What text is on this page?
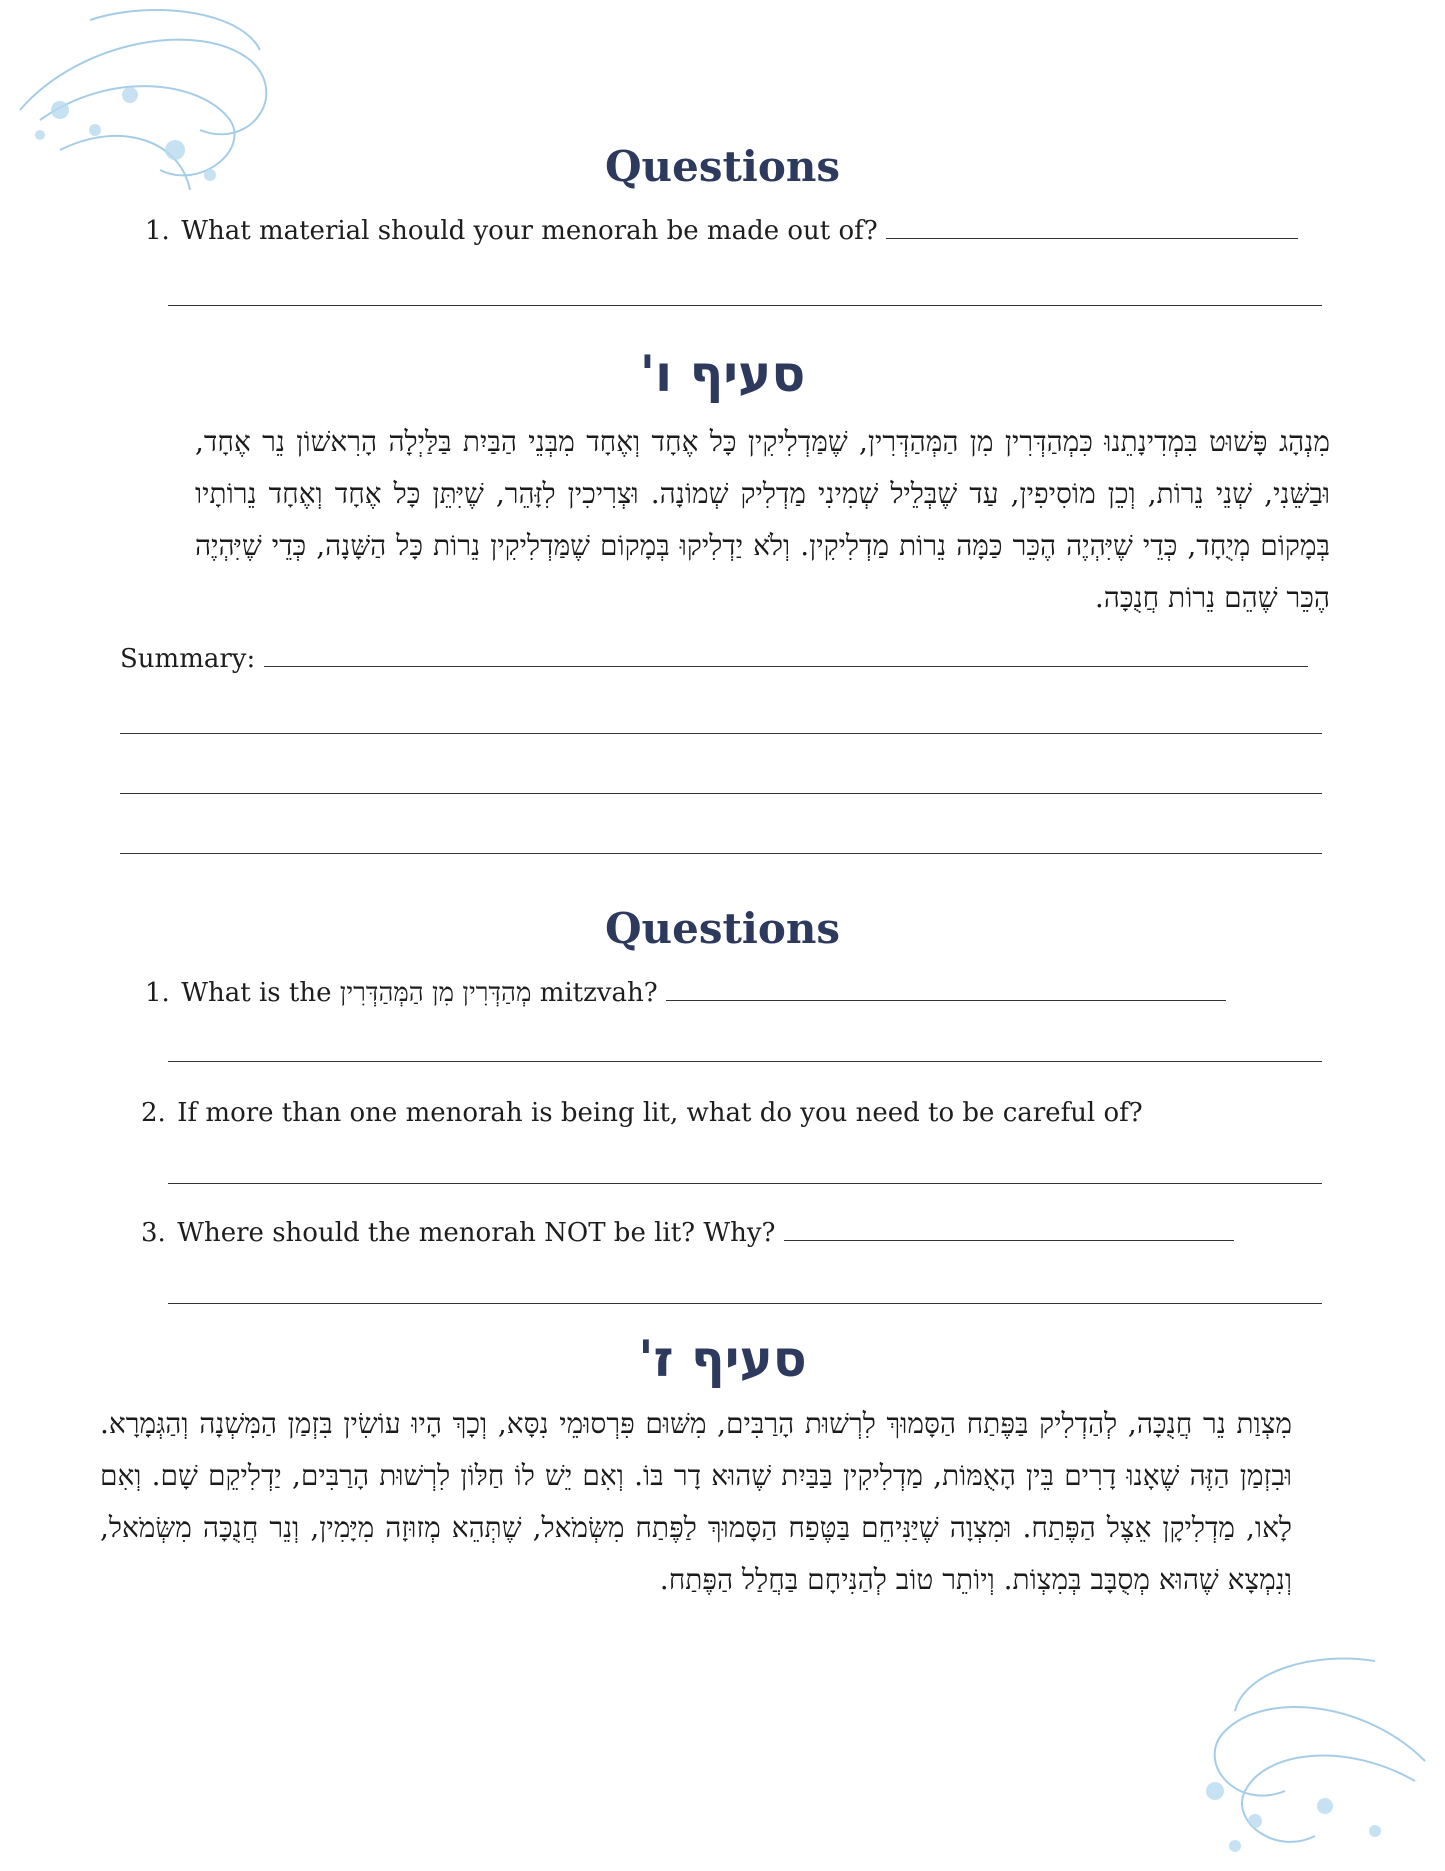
Questions
1. What material should your menorah be made out of?
סעיף ו'

מִנְהָג פָּשׁוּט בִּמְדִינָתֵנוּ כִּמְהַדְּרִין מִן הַמְּהַדְּרִין, שֶׁמַּדְלִיקִין כָּל אֶחָד וְאֶחָד מִבְּנֵי הַבַּיִת בַּלַּיְלָה הָרִאשׁוֹן נֵר אֶחָד, וּבַשֵּׁנִי, שְׁנֵי נֵרוֹת, וְכֵן מוֹסִיפִין, עַד שֶׁבְּלֵיל שְׁמִינִי מַדְלִיק שְׁמוֹנָה. וּצְרִיכִין לִזָּהֵר, שֶׁיִּתֵּן כָּל אֶחָד וְאֶחָד נֵרוֹתָיו בְּמָקוֹם מְיֻחָד, כְּדֵי שֶׁיִּהְיֶה הֶכֵּר כַּמָּה נֵרוֹת מַדְלִיקִין. וְלֹא יַדְלִיקוּ בְּמָקוֹם שֶׁמַּדְלִיקִין נֵרוֹת כָּל הַשָּׁנָה, כְּדֵי שֶׁיִּהְיֶה הֶכֵּר שֶׁהֵם נֵרוֹת חֲנֻכָּה.

Summary:
Questions
1. What is the מְהַדְּרִין מִן הַמְּהַדְּרִין mitzvah?
2. If more than one menorah is being lit, what do you need to be careful of?
3. Where should the menorah NOT be lit? Why?
סעיף ז'

מִצְוַת נֵר חֲנֻכָּה, לְהַדְלִיק בַּפֶּתַח הַסָּמוּךְ לִרְשׁוּת הָרַבִּים, מִשּׁוּם פִּרְסוּמֵי נִסָּא, וְכָךְ הָיוּ עוֹשִׂין בִּזְמַן הַמִּשְׁנָה וְהַגְּמָרָא. וּבִזְמַן הַזֶּה שֶׁאָנוּ דָרִים בֵּין הָאֻמּוֹת, מַדְלִיקִין בַּבַּיִת שֶׁהוּא דָר בּוֹ. וְאִם יֵשׁ לוֹ חַלּוֹן לִרְשׁוּת הָרַבִּים, יַדְלִיקֵם שָׁם. וְאִם לָאו, מַדְלִיקָן אֵצֶל הַפֶּתַח. וּמִצְוָה שֶׁיַּנִּיחֵם בַּטֶּפַח הַסָּמוּךְ לַפֶּתַח מִשְּׂמֹאל, שֶׁתְּהֵא מְזוּזָה מִיָּמִין, וְנֵר חֲנֻכָּה מִשְּׂמֹאל, וְנִמְצָא שֶׁהוּא מְסֻבָּב בְּמִצְוֹת. וְיוֹתֵר טוֹב לְהַנִּיחָם בַּחֲלַל הַפֶּתַח.
